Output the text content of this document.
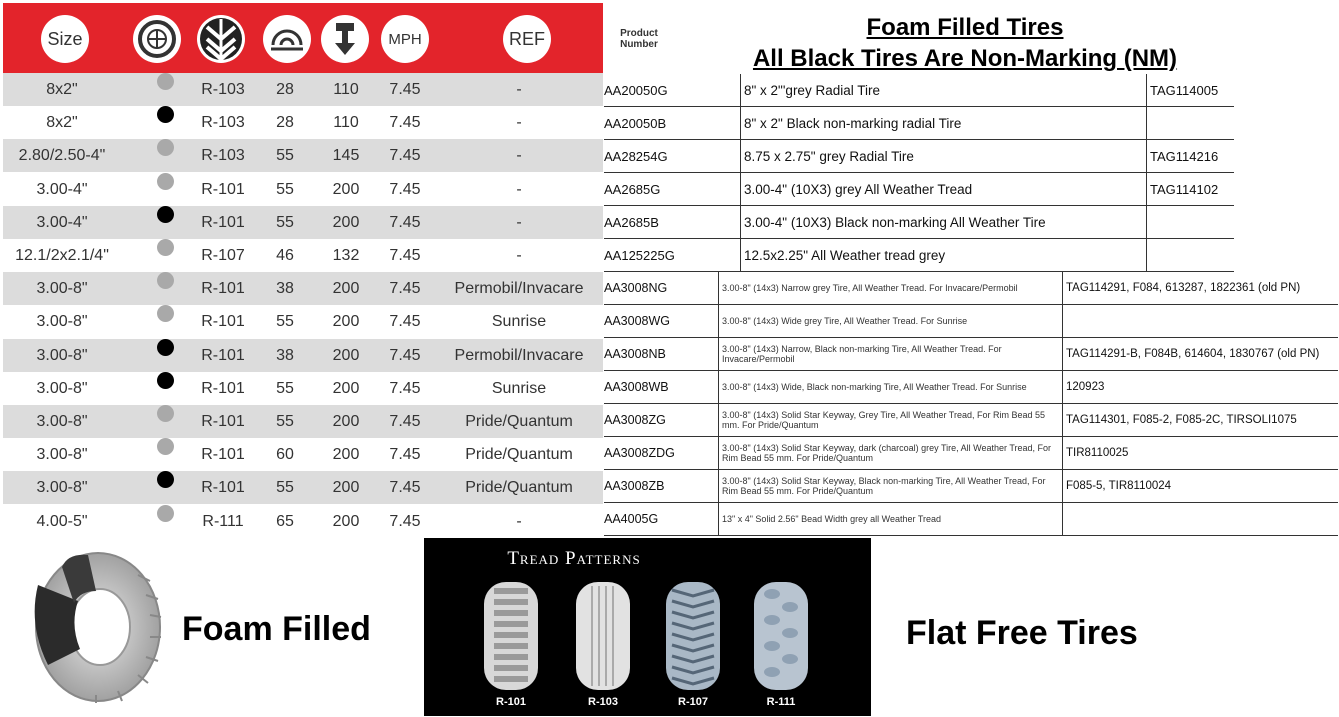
Size	MPH	REF	Product
Number
8x2"	R-103	28	110	7.45	-
8x2"	R-103	28	110	7.45	-
2.80/2.50-4"	R-103	55	145	7.45	-
3.00-4"	R-101	55	200	7.45	-
3.00-4"	R-101	55	200	7.45	-
12.1/2x2.1/4"	R-107	46	132	7.45	-
3.00-8"	R-101	38	200	7.45	Permobil/Invacare
3.00-8"	R-101	55	200	7.45	Sunrise
3.00-8"	R-101	38	200	7.45	Permobil/Invacare
3.00-8"	R-101	55	200	7.45	Sunrise
3.00-8"	R-101	55	200	7.45	Pride/Quantum
3.00-8"	R-101	60	200	7.45	Pride/Quantum
3.00-8"	R-101	55	200	7.45	Pride/Quantum
4.00-5"	R-111	65	200	7.45	-
Foam Filled Tires
All Black Tires Are Non-Marking (NM)
AA20050G	8" x 2"'grey Radial Tire	TAG114005
AA20050B	8" x 2" Black non-marking radial Tire
AA28254G	8.75 x 2.75" grey Radial Tire	TAG114216
AA2685G	3.00-4" (10X3) grey All Weather Tread	TAG114102
AA2685B	3.00-4" (10X3) Black non-marking All Weather Tire
AA125225G	12.5x2.25" All Weather tread grey
AA3008NG	3.00-8" (14x3) Narrow grey Tire, All Weather Tread. For Invacare/Permobil	TAG114291, F084, 613287, 1822361 (old PN)
AA3008WG	3.00-8" (14x3) Wide grey Tire, All Weather Tread. For Sunrise
AA3008NB	3.00-8" (14x3) Narrow, Black non-marking Tire, All Weather Tread. For Invacare/Permobil	TAG114291-B, F084B, 614604, 1830767 (old PN)
AA3008WB	3.00-8" (14x3) Wide, Black non-marking Tire, All Weather Tread. For Sunrise	120923
AA3008ZG	3.00-8" (14x3) Solid Star Keyway, Grey Tire, All Weather Tread, For Rim Bead 55 mm. For Pride/Quantum	TAG114301, F085-2, F085-2C, TIRSOLI1075
AA3008ZDG	3.00-8" (14x3) Solid Star Keyway, dark (charcoal) grey Tire, All Weather Tread, For Rim Bead 55 mm. For Pride/Quantum	TIR8110025
AA3008ZB	3.00-8" (14x3) Solid Star Keyway, Black non-marking Tire, All Weather Tread, For Rim Bead 55 mm. For Pride/Quantum	F085-5, TIR8110024
AA4005G	13" x 4" Solid 2.56" Bead Width grey all Weather Tread
Foam Filled
Tread Patterns
R-101	R-103	R-107	R-111
Flat Free Tires
